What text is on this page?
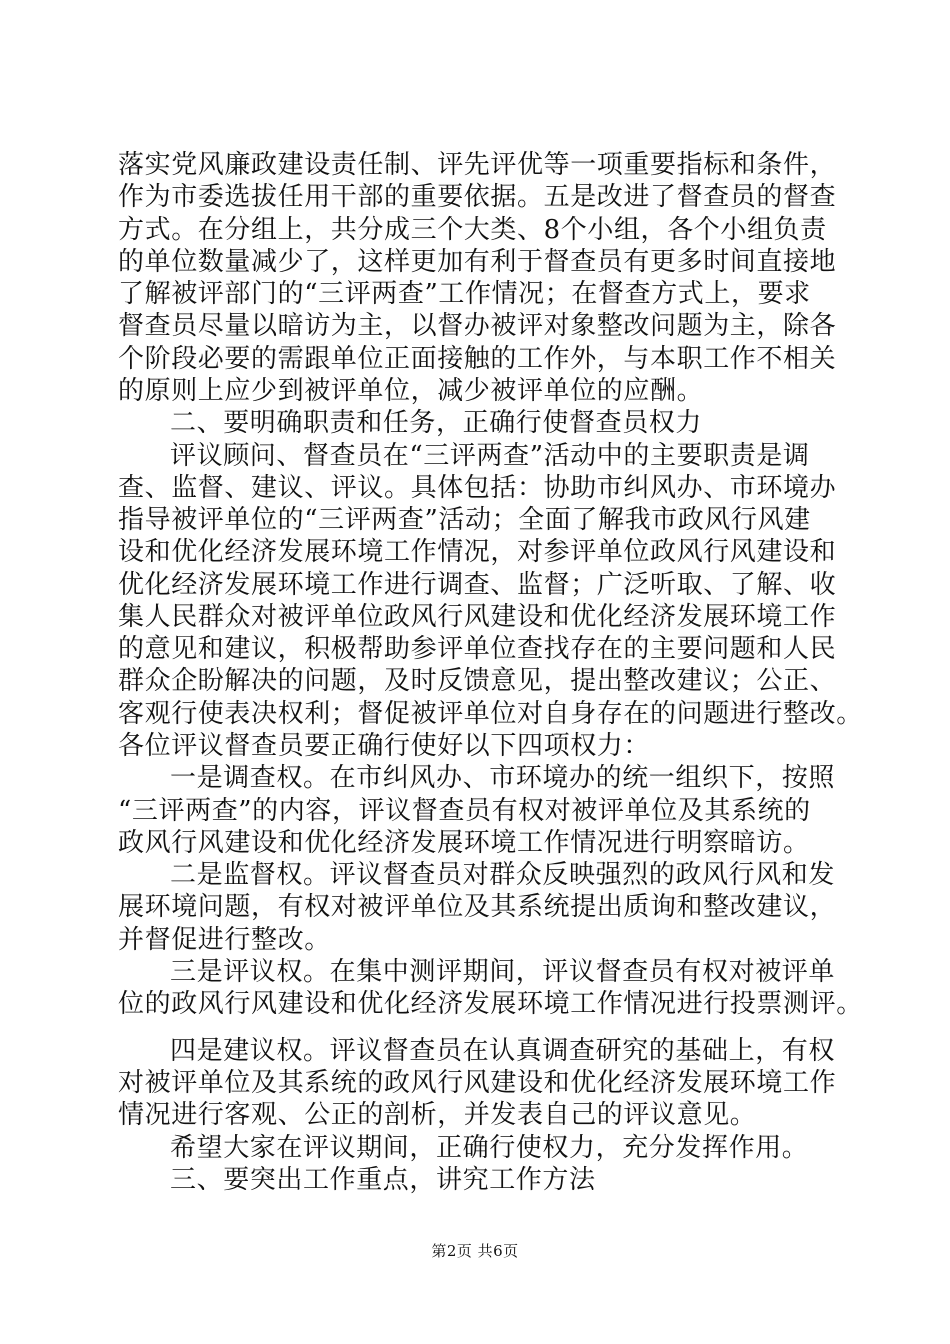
落实党风廉政建设责任制、评先评优等一项重要指标和条件，
作为市委选拔任用干部的重要依据。五是改进了督查员的督查
方式。在分组上，共分成三个大类、8个小组，各个小组负责
的单位数量减少了，这样更加有利于督查员有更多时间直接地
了解被评部门的“三评两查”工作情况；在督查方式上，要求
督查员尽量以暗访为主，以督办被评对象整改问题为主，除各
个阶段必要的需跟单位正面接触的工作外，与本职工作不相关
的原则上应少到被评单位，减少被评单位的应酬。
二、要明确职责和任务，正确行使督查员权力
评议顾问、督查员在“三评两查”活动中的主要职责是调
查、监督、建议、评议。具体包括：协助市纠风办、市环境办
指导被评单位的“三评两查”活动；全面了解我市政风行风建
设和优化经济发展环境工作情况，对参评单位政风行风建设和
优化经济发展环境工作进行调查、监督；广泛听取、了解、收
集人民群众对被评单位政风行风建设和优化经济发展环境工作
的意见和建议，积极帮助参评单位查找存在的主要问题和人民
群众企盼解决的问题，及时反馈意见，提出整改建议；公正、
客观行使表决权利；督促被评单位对自身存在的问题进行整改。
各位评议督查员要正确行使好以下四项权力：
一是调查权。在市纠风办、市环境办的统一组织下，按照
“三评两查”的内容，评议督查员有权对被评单位及其系统的
政风行风建设和优化经济发展环境工作情况进行明察暗访。
二是监督权。评议督查员对群众反映强烈的政风行风和发
展环境问题，有权对被评单位及其系统提出质询和整改建议，
并督促进行整改。
三是评议权。在集中测评期间，评议督查员有权对被评单
位的政风行风建设和优化经济发展环境工作情况进行投票测评。
四是建议权。评议督查员在认真调查研究的基础上，有权
对被评单位及其系统的政风行风建设和优化经济发展环境工作
情况进行客观、公正的剖析，并发表自己的评议意见。
希望大家在评议期间，正确行使权力，充分发挥作用。
三、要突出工作重点，讲究工作方法
第2页 共6页
